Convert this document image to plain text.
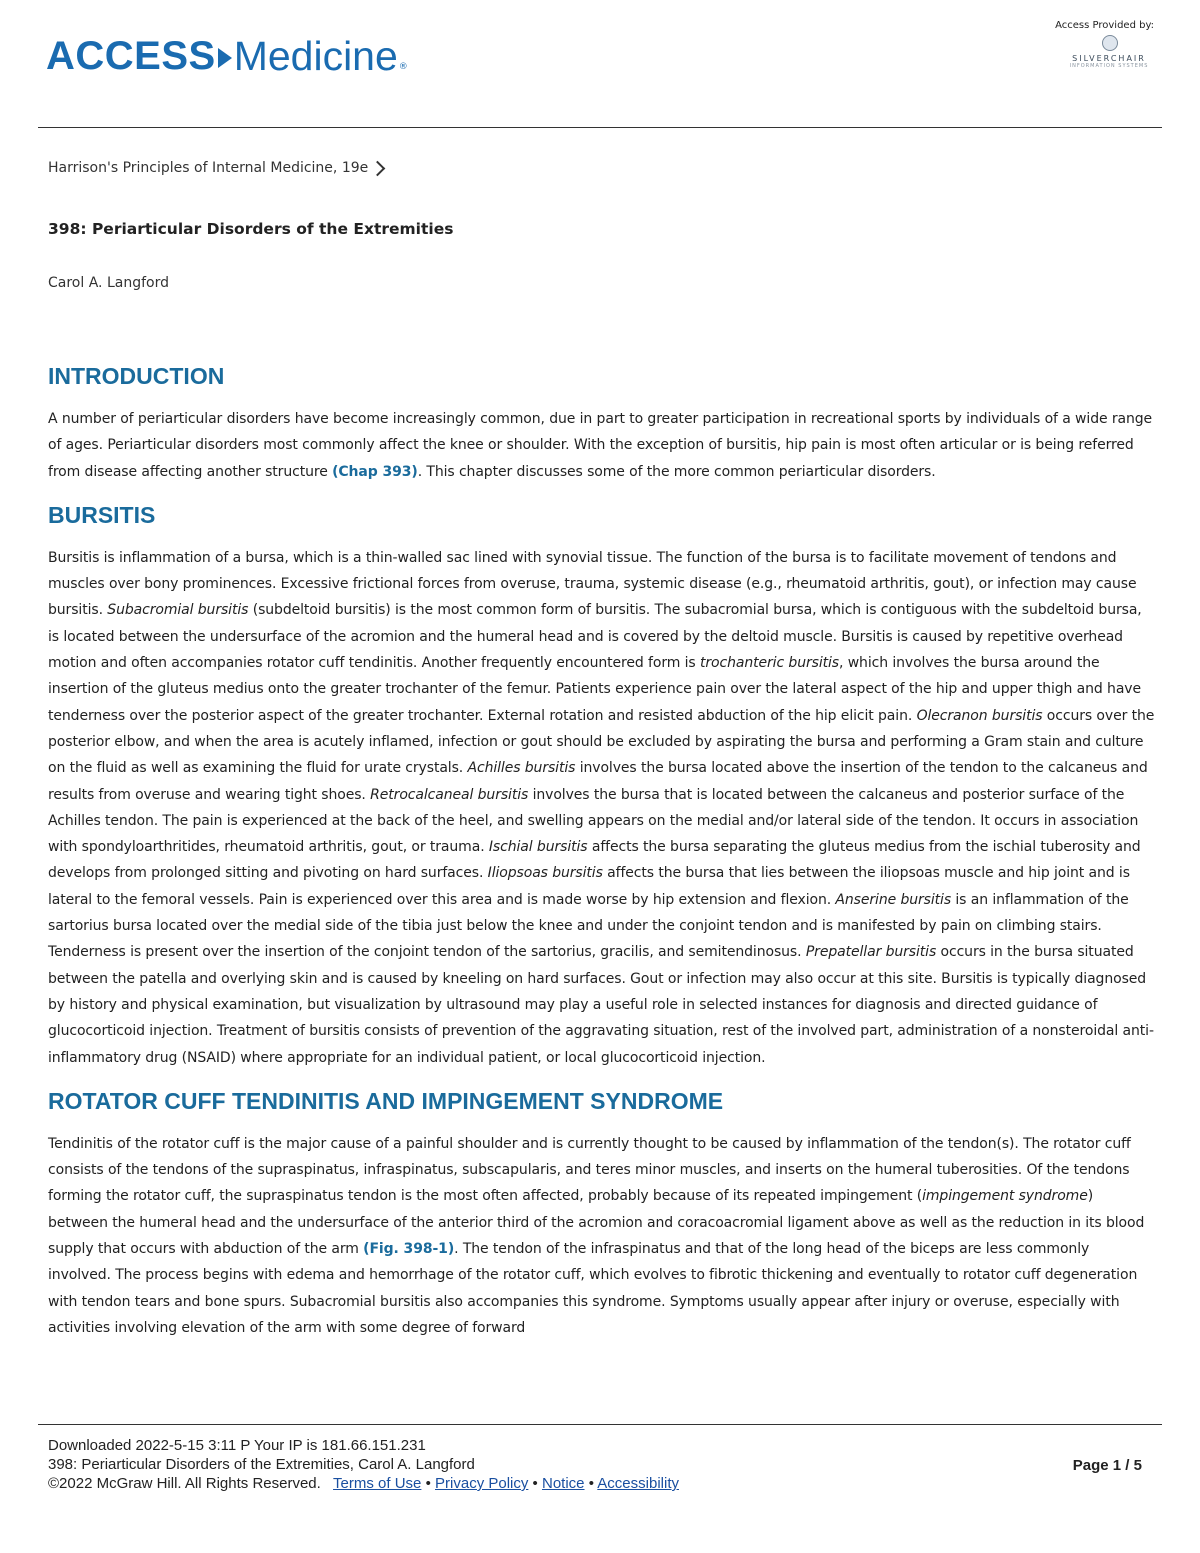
ACCESS Medicine ®
Access Provided by:
SILVERCHAIR
INFORMATION SYSTEMS
Harrison's Principles of Internal Medicine, 19e
398: Periarticular Disorders of the Extremities
Carol A. Langford
INTRODUCTION

A number of periarticular disorders have become increasingly common, due in part to greater participation in recreational sports by individuals of a wide range of ages. Periarticular disorders most commonly affect the knee or shoulder. With the exception of bursitis, hip pain is most often articular or is being referred from disease affecting another structure (Chap 393). This chapter discusses some of the more common periarticular disorders.

BURSITIS

Bursitis is inflammation of a bursa, which is a thin-walled sac lined with synovial tissue. The function of the bursa is to facilitate movement of tendons and muscles over bony prominences. Excessive frictional forces from overuse, trauma, systemic disease (e.g., rheumatoid arthritis, gout), or infection may cause bursitis. Subacromial bursitis (subdeltoid bursitis) is the most common form of bursitis. The subacromial bursa, which is contiguous with the subdeltoid bursa, is located between the undersurface of the acromion and the humeral head and is covered by the deltoid muscle. Bursitis is caused by repetitive overhead motion and often accompanies rotator cuff tendinitis. Another frequently encountered form is trochanteric bursitis, which involves the bursa around the insertion of the gluteus medius onto the greater trochanter of the femur. Patients experience pain over the lateral aspect of the hip and upper thigh and have tenderness over the posterior aspect of the greater trochanter. External rotation and resisted abduction of the hip elicit pain. Olecranon bursitis occurs over the posterior elbow, and when the area is acutely inflamed, infection or gout should be excluded by aspirating the bursa and performing a Gram stain and culture on the fluid as well as examining the fluid for urate crystals. Achilles bursitis involves the bursa located above the insertion of the tendon to the calcaneus and results from overuse and wearing tight shoes. Retrocalcaneal bursitis involves the bursa that is located between the calcaneus and posterior surface of the Achilles tendon. The pain is experienced at the back of the heel, and swelling appears on the medial and/or lateral side of the tendon. It occurs in association with spondyloarthritides, rheumatoid arthritis, gout, or trauma. Ischial bursitis affects the bursa separating the gluteus medius from the ischial tuberosity and develops from prolonged sitting and pivoting on hard surfaces. Iliopsoas bursitis affects the bursa that lies between the iliopsoas muscle and hip joint and is lateral to the femoral vessels. Pain is experienced over this area and is made worse by hip extension and flexion. Anserine bursitis is an inflammation of the sartorius bursa located over the medial side of the tibia just below the knee and under the conjoint tendon and is manifested by pain on climbing stairs. Tenderness is present over the insertion of the conjoint tendon of the sartorius, gracilis, and semitendinosus. Prepatellar bursitis occurs in the bursa situated between the patella and overlying skin and is caused by kneeling on hard surfaces. Gout or infection may also occur at this site. Bursitis is typically diagnosed by history and physical examination, but visualization by ultrasound may play a useful role in selected instances for diagnosis and directed guidance of glucocorticoid injection. Treatment of bursitis consists of prevention of the aggravating situation, rest of the involved part, administration of a nonsteroidal anti-inflammatory drug (NSAID) where appropriate for an individual patient, or local glucocorticoid injection.

ROTATOR CUFF TENDINITIS AND IMPINGEMENT SYNDROME

Tendinitis of the rotator cuff is the major cause of a painful shoulder and is currently thought to be caused by inflammation of the tendon(s). The rotator cuff consists of the tendons of the supraspinatus, infraspinatus, subscapularis, and teres minor muscles, and inserts on the humeral tuberosities. Of the tendons forming the rotator cuff, the supraspinatus tendon is the most often affected, probably because of its repeated impingement (impingement syndrome) between the humeral head and the undersurface of the anterior third of the acromion and coracoacromial ligament above as well as the reduction in its blood supply that occurs with abduction of the arm (Fig. 398-1). The tendon of the infraspinatus and that of the long head of the biceps are less commonly involved. The process begins with edema and hemorrhage of the rotator cuff, which evolves to fibrotic thickening and eventually to rotator cuff degeneration with tendon tears and bone spurs. Subacromial bursitis also accompanies this syndrome. Symptoms usually appear after injury or overuse, especially with activities involving elevation of the arm with some degree of forward

Downloaded 2022-5-15 3:11 P Your IP is 181.66.151.231
398: Periarticular Disorders of the Extremities, Carol A. Langford
©2022 McGraw Hill. All Rights Reserved. Terms of Use • Privacy Policy • Notice • Accessibility
Page 1 / 5
